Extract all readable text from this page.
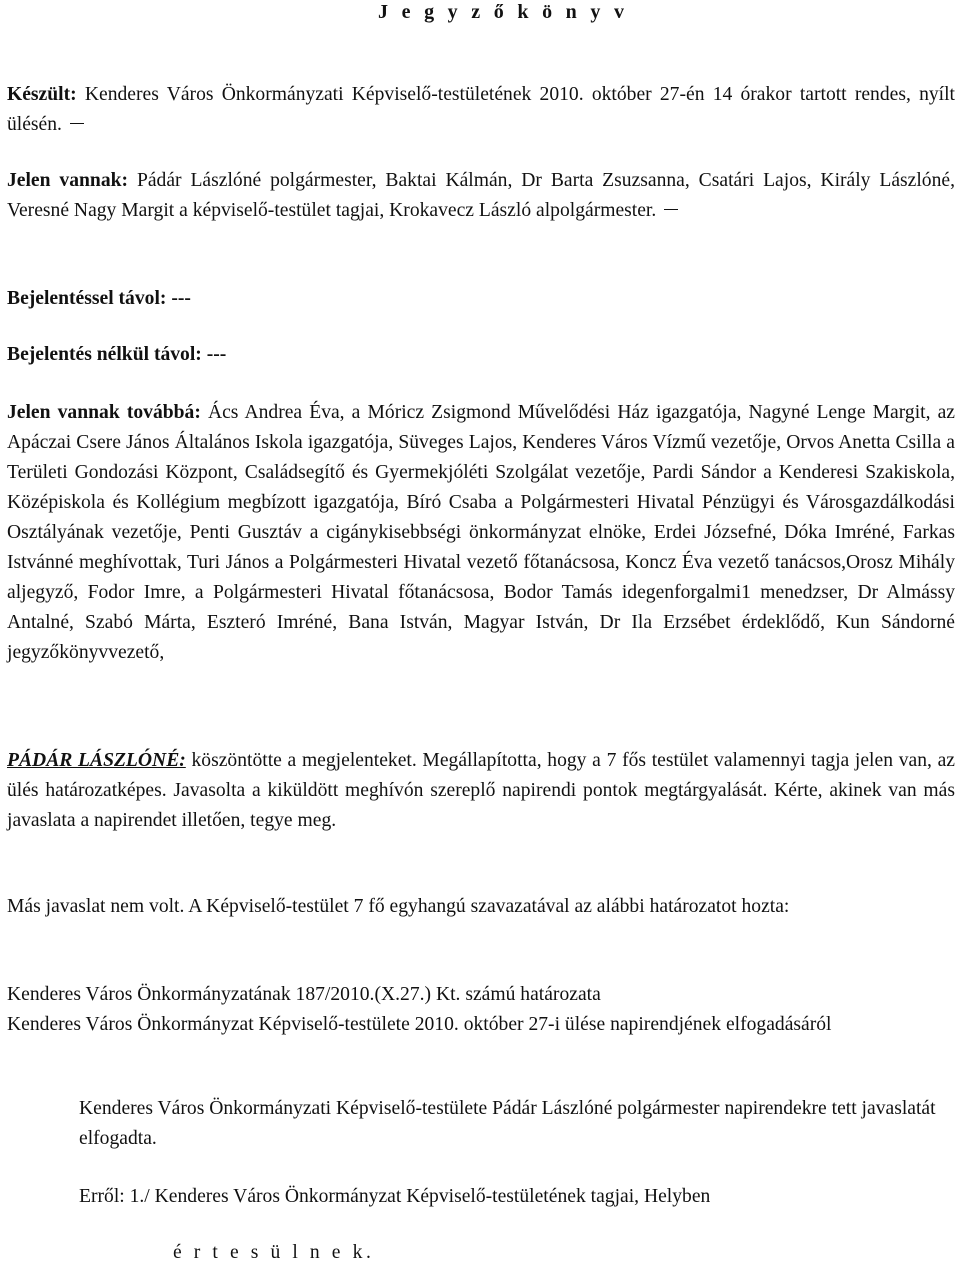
J e g y z ő k ö n y v

Készült: Kenderes Város Önkormányzati Képviselő-testületének 2010. október 27-én 14 órakor tartott rendes, nyílt ülésén.

Jelen vannak: Pádár Lászlóné polgármester, Baktai Kálmán, Dr Barta Zsuzsanna, Csatári Lajos, Király Lászlóné, Veresné Nagy Margit a képviselő-testület tagjai, Krokavecz László alpolgármester.

Bejelentéssel távol: ---

Bejelentés nélkül távol: ---

Jelen vannak továbbá: Ács Andrea Éva, a Móricz Zsigmond Művelődési Ház igazgatója, Nagyné Lenge Margit, az Apáczai Csere János Általános Iskola igazgatója, Süveges Lajos, Kenderes Város Vízmű vezetője, Orvos Anetta Csilla a Területi Gondozási Központ, Családsegítő és Gyermekjóléti Szolgálat vezetője, Pardi Sándor a Kenderesi Szakiskola, Középiskola és Kollégium megbízott igazgatója, Bíró Csaba a Polgármesteri Hivatal Pénzügyi és Városgazdálkodási Osztályának vezetője, Penti Gusztáv a cigánykisebbségi önkormányzat elnöke, Erdei Józsefné, Dóka Imréné, Farkas Istvánné meghívottak, Turi János a Polgármesteri Hivatal vezető főtanácsosa, Koncz Éva vezető tanácsos,Orosz Mihály aljegyző, Fodor Imre, a Polgármesteri Hivatal főtanácsosa, Bodor Tamás idegenforgalmi1 menedzser, Dr Almássy Antalné, Szabó Márta, Eszteró Imréné, Bana István, Magyar István, Dr Ila Erzsébet érdeklődő, Kun Sándorné jegyzőkönyvvezető,

PÁDÁR LÁSZLÓNÉ: köszöntötte a megjelenteket. Megállapította, hogy a 7 fős testület valamennyi tagja jelen van, az ülés határozatképes. Javasolta a kiküldött meghívón szereplő napirendi pontok megtárgyalását. Kérte, akinek van más javaslata a napirendet illetően, tegye meg.

Más javaslat nem volt. A Képviselő-testület 7 fő egyhangú szavazatával az alábbi határozatot hozta:

Kenderes Város Önkormányzatának 187/2010.(X.27.) Kt. számú határozata
Kenderes Város Önkormányzat Képviselő-testülete 2010. október 27-i ülése napirendjének elfogadásáról

Kenderes Város Önkormányzati Képviselő-testülete Pádár Lászlóné polgármester napirendekre tett javaslatát elfogadta.

Erről: 1./ Kenderes Város Önkormányzat Képviselő-testületének tagjai, Helyben

é r t e s ü l n e k.
